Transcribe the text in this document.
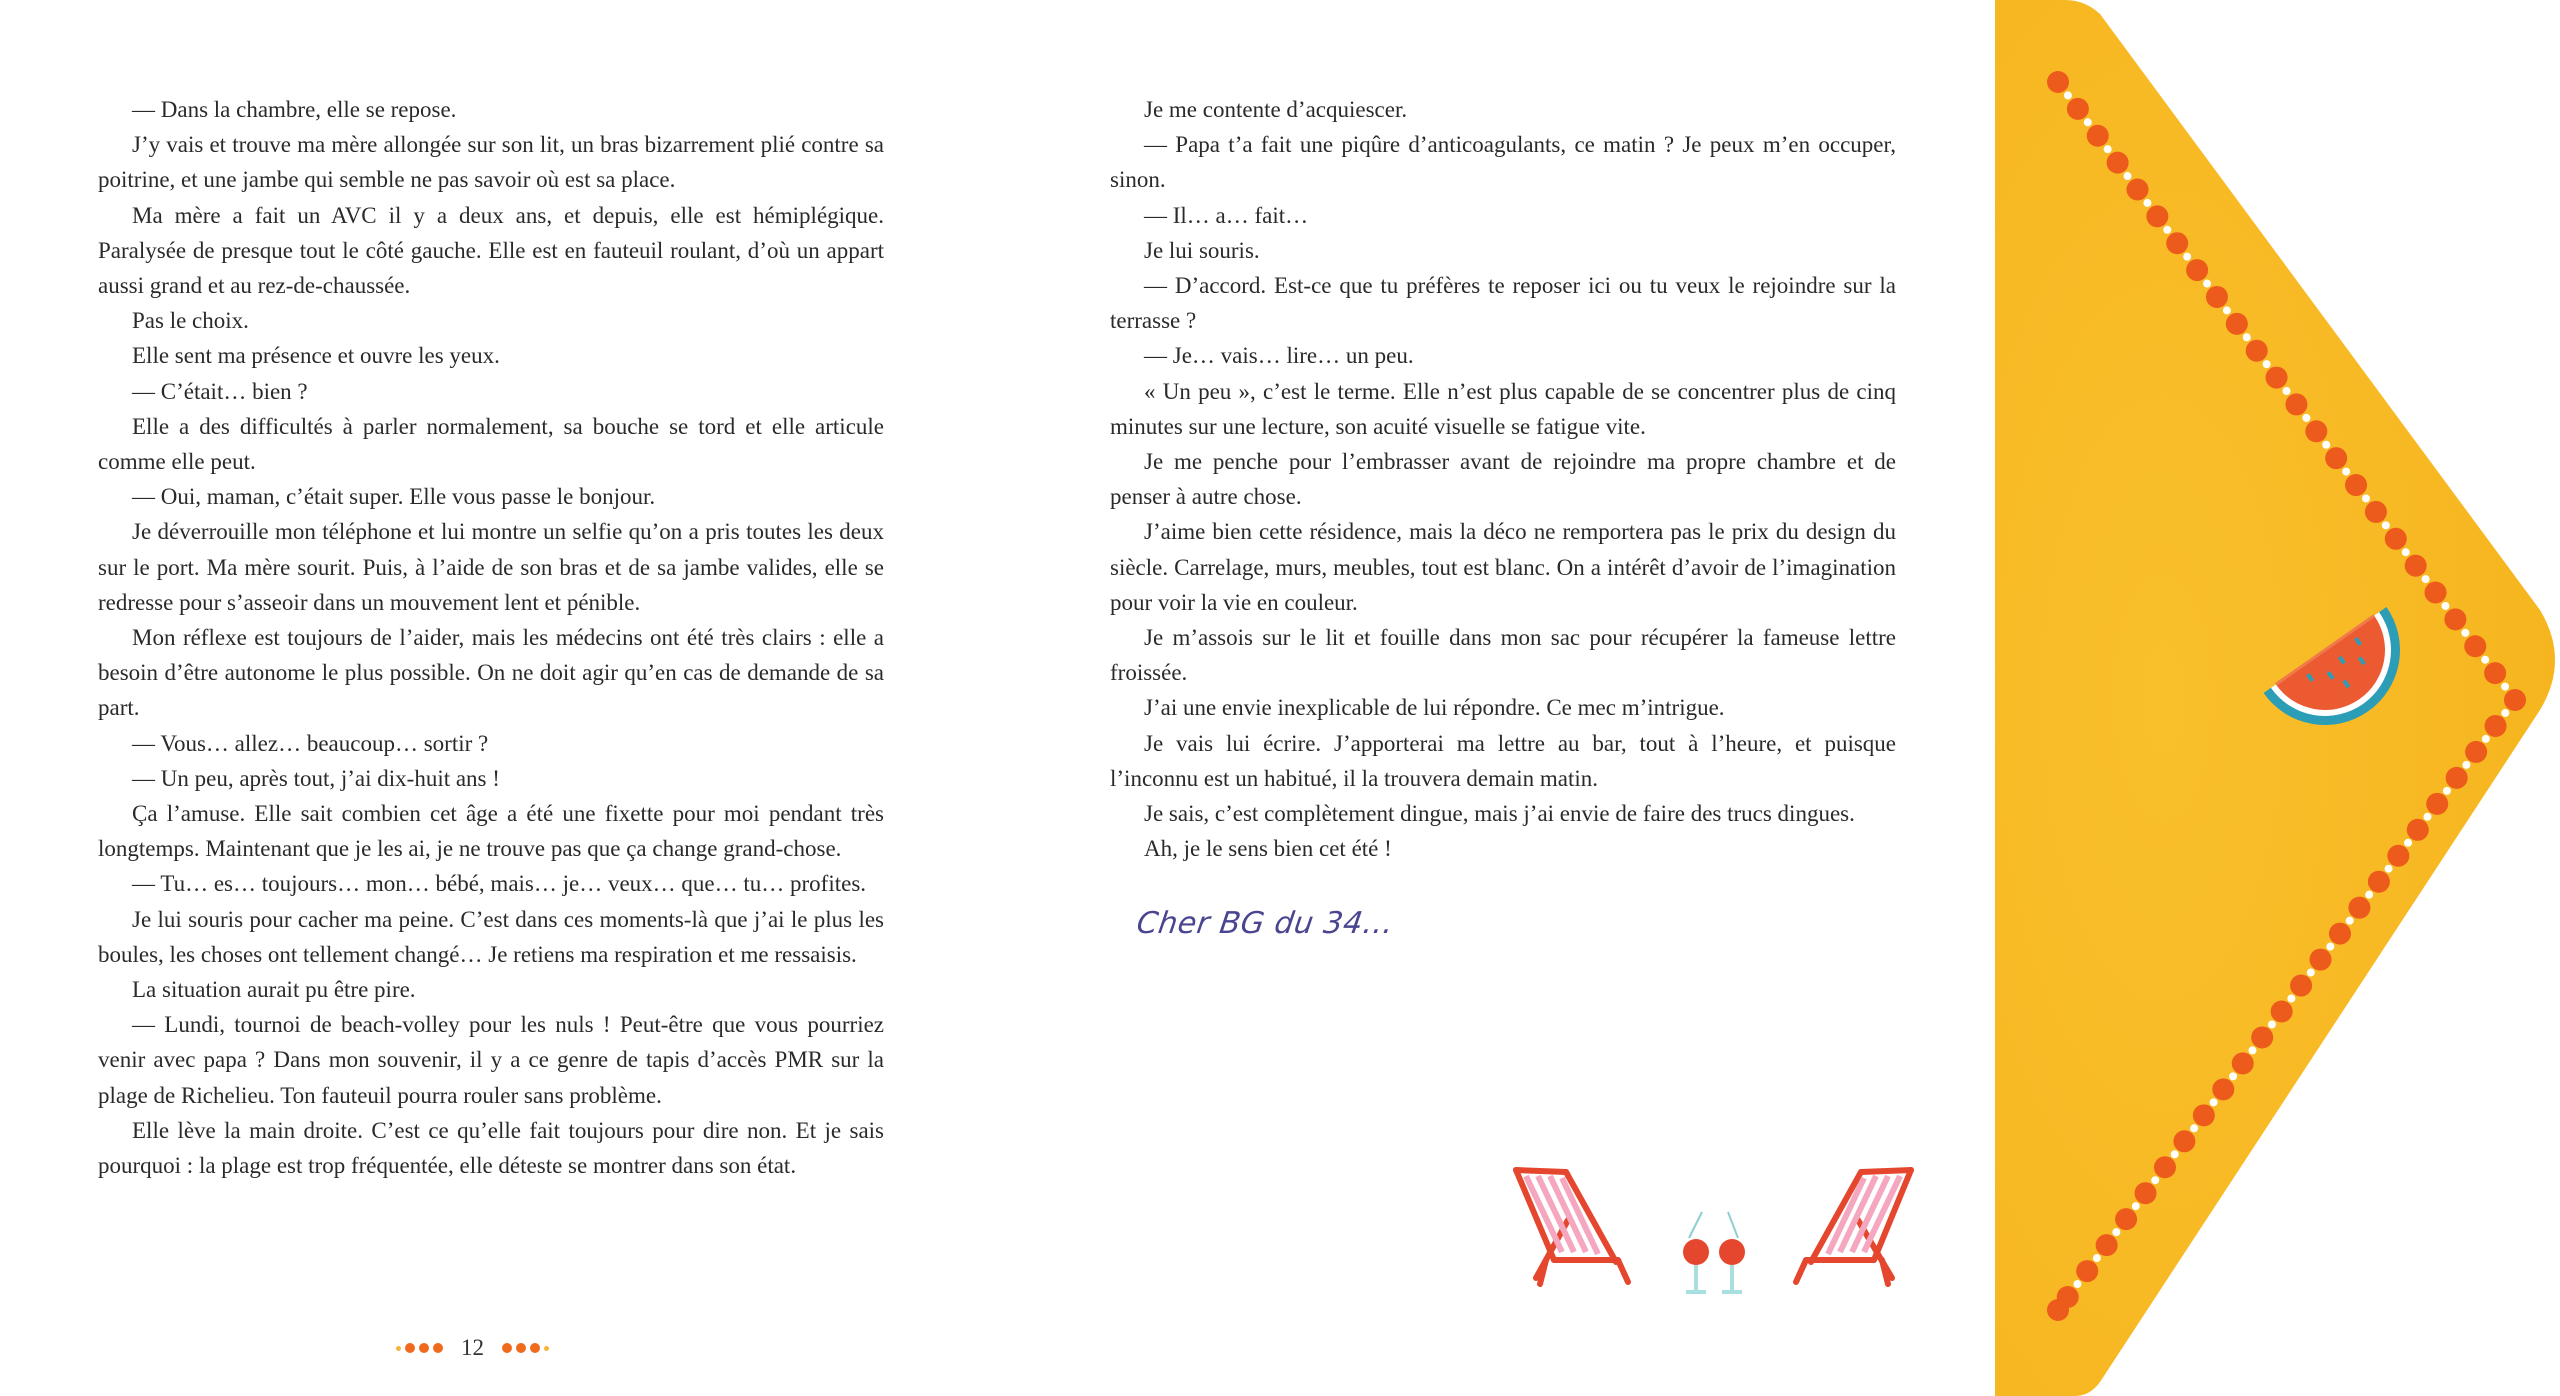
— Dans la chambre, elle se repose.

J’y vais et trouve ma mère allongée sur son lit, un bras bizarrement plié contre sa poitrine, et une jambe qui semble ne pas savoir où est sa place.

Ma mère a fait un AVC il y a deux ans, et depuis, elle est hémiplégique. Paralysée de presque tout le côté gauche. Elle est en fauteuil roulant, d’où un appart aussi grand et au rez-de-chaussée.

Pas le choix.

Elle sent ma présence et ouvre les yeux.

— C’était… bien ?

Elle a des difficultés à parler normalement, sa bouche se tord et elle articule comme elle peut.

— Oui, maman, c’était super. Elle vous passe le bonjour.

Je déverrouille mon téléphone et lui montre un selfie qu’on a pris toutes les deux sur le port. Ma mère sourit. Puis, à l’aide de son bras et de sa jambe valides, elle se redresse pour s’asseoir dans un mouvement lent et pénible.

Mon réflexe est toujours de l’aider, mais les médecins ont été très clairs : elle a besoin d’être autonome le plus possible. On ne doit agir qu’en cas de demande de sa part.

— Vous… allez… beaucoup… sortir ?

— Un peu, après tout, j’ai dix-huit ans !

Ça l’amuse. Elle sait combien cet âge a été une fixette pour moi pendant très longtemps. Maintenant que je les ai, je ne trouve pas que ça change grand-chose.

— Tu… es… toujours… mon… bébé, mais… je… veux… que… tu… profites.

Je lui souris pour cacher ma peine. C’est dans ces moments-là que j’ai le plus les boules, les choses ont tellement changé… Je retiens ma respiration et me ressaisis.

La situation aurait pu être pire.

— Lundi, tournoi de beach-volley pour les nuls ! Peut-être que vous pourriez venir avec papa ? Dans mon souvenir, il y a ce genre de tapis d’accès PMR sur la plage de Richelieu. Ton fauteuil pourra rouler sans problème.

Elle lève la main droite. C’est ce qu’elle fait toujours pour dire non. Et je sais pourquoi : la plage est trop fréquentée, elle déteste se montrer dans son état.

Je me contente d’acquiescer.

— Papa t’a fait une piqûre d’anticoagulants, ce matin ? Je peux m’en occuper, sinon.

— Il… a… fait…

Je lui souris.

— D’accord. Est-ce que tu préfères te reposer ici ou tu veux le rejoindre sur la terrasse ?

— Je… vais… lire… un peu.

« Un peu », c’est le terme. Elle n’est plus capable de se concentrer plus de cinq minutes sur une lecture, son acuité visuelle se fatigue vite.

Je me penche pour l’embrasser avant de rejoindre ma propre chambre et de penser à autre chose.

J’aime bien cette résidence, mais la déco ne remportera pas le prix du design du siècle. Carrelage, murs, meubles, tout est blanc. On a intérêt d’avoir de l’imagination pour voir la vie en couleur.

Je m’assois sur le lit et fouille dans mon sac pour récupérer la fameuse lettre froissée.

J’ai une envie inexplicable de lui répondre. Ce mec m’intrigue.

Je vais lui écrire. J’apporterai ma lettre au bar, tout à l’heure, et puisque l’inconnu est un habitué, il la trouvera demain matin.

Je sais, c’est complètement dingue, mais j’ai envie de faire des trucs dingues.

Ah, je le sens bien cet été !

Cher BG du 34…
12
